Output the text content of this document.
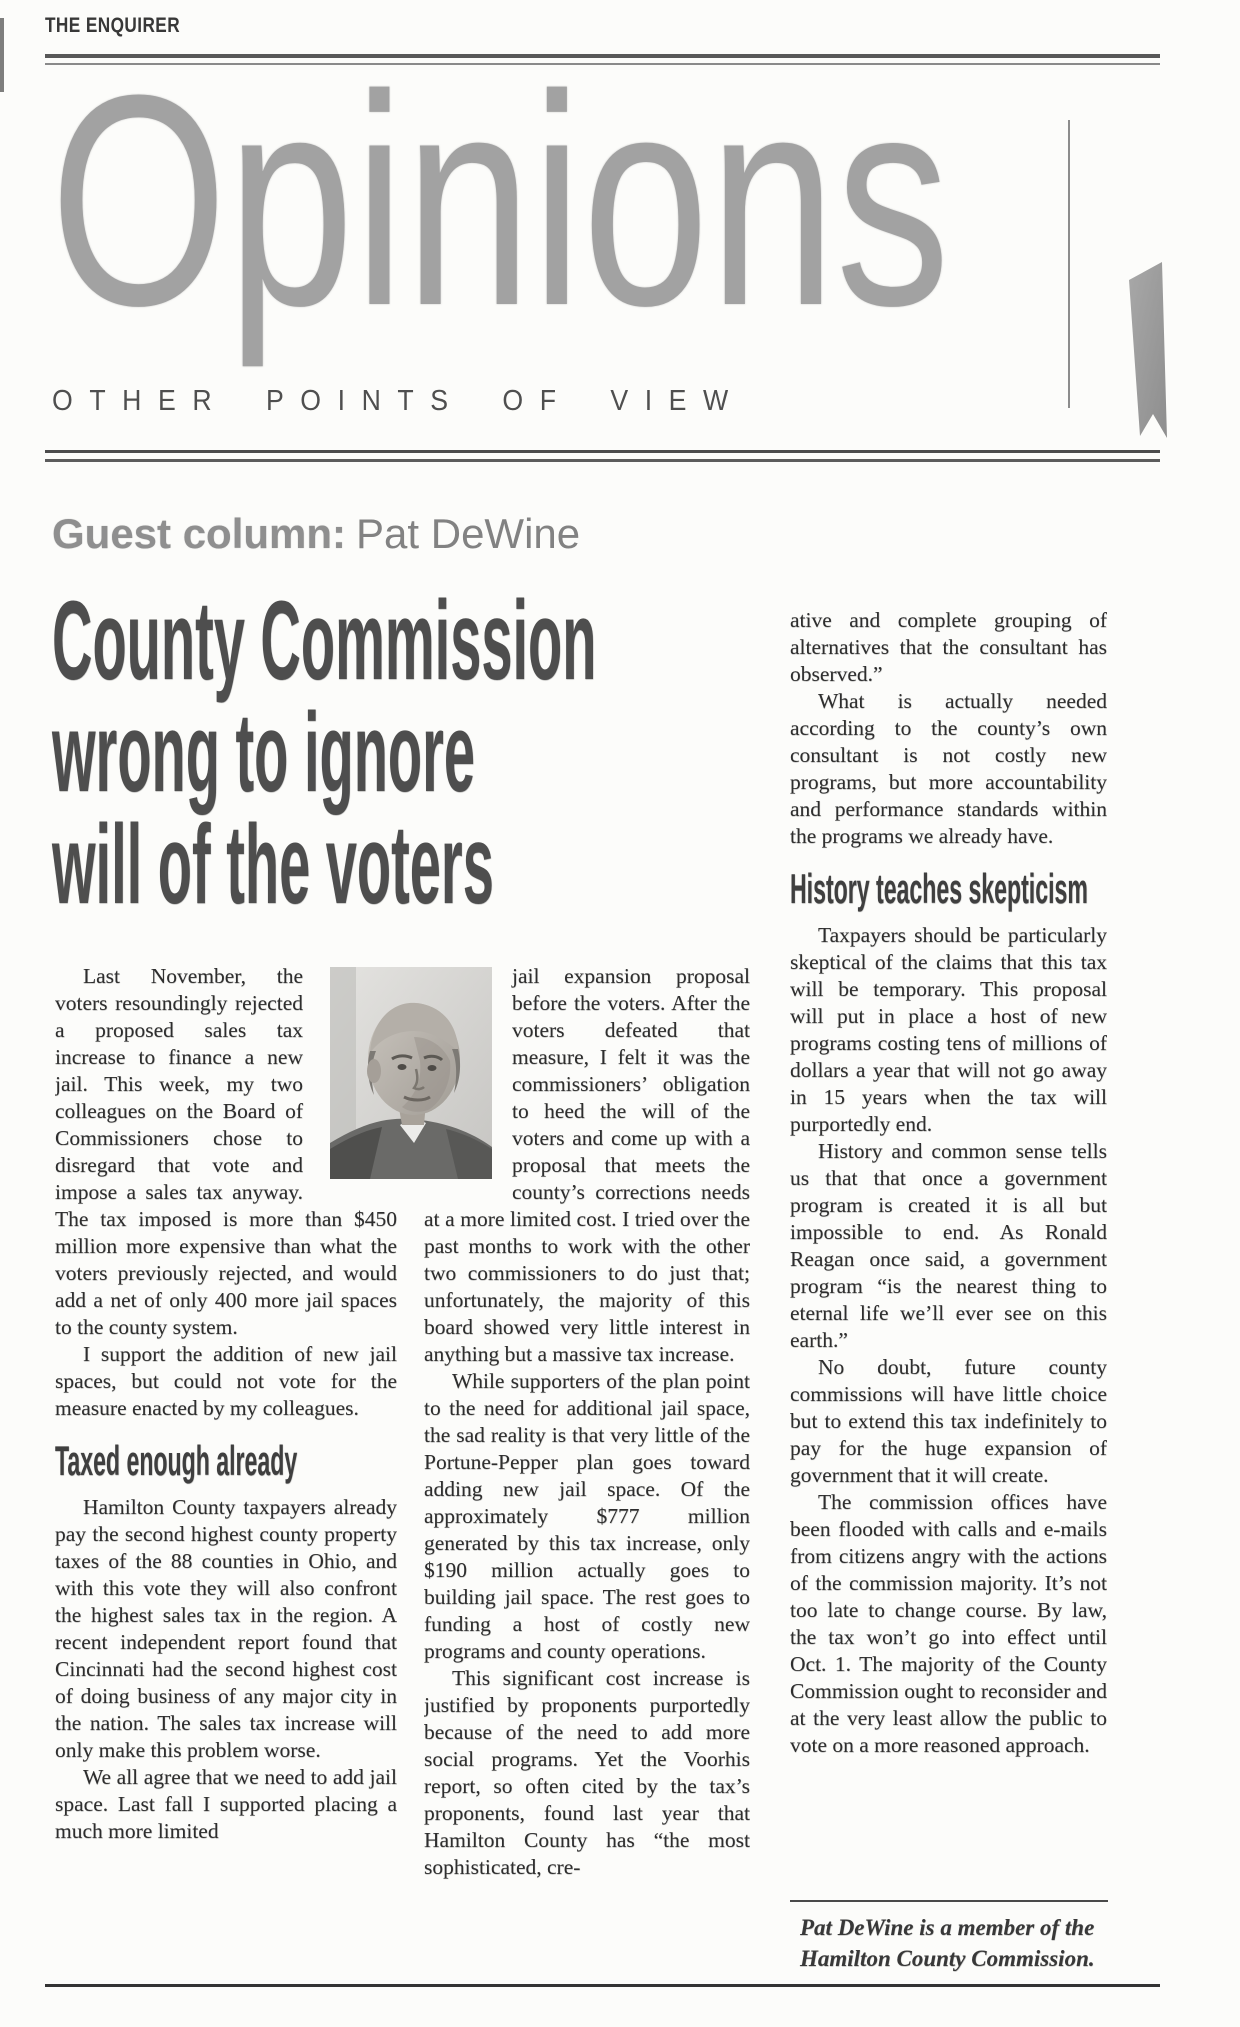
THE ENQUIRER
Opinions
OTHER POINTS OF VIEW
Guest column: Pat DeWine
County Commission
wrong to ignore
will of the voters

Last November, the voters resoundingly rejected a proposed sales tax increase to finance a new jail. This week, my two colleagues on the Board of Commissioners chose to disregard that vote and impose a sales tax anyway. The tax imposed is more than $450 million more expensive than what the voters previously rejected, and would add a net of only 400 more jail spaces to the county system.

I support the addition of new jail spaces, but could not vote for the measure enacted by my colleagues.

Taxed enough already

Hamilton County taxpayers already pay the second highest county property taxes of the 88 counties in Ohio, and with this vote they will also confront the highest sales tax in the region. A recent independent report found that Cincinnati had the second highest cost of doing business of any major city in the nation. The sales tax increase will only make this problem worse.

We all agree that we need to add jail space. Last fall I supported placing a much more limited

jail expansion proposal before the voters. After the voters defeated that measure, I felt it was the commissioners’ obligation to heed the will of the voters and come up with a proposal that meets the county’s corrections needs at a more limited cost. I tried over the past months to work with the other two commissioners to do just that; unfortunately, the majority of this board showed very little interest in anything but a massive tax increase.

While supporters of the plan point to the need for additional jail space, the sad reality is that very little of the Portune-Pepper plan goes toward adding new jail space. Of the approximately $777 million generated by this tax increase, only $190 million actually goes to building jail space. The rest goes to funding a host of costly new programs and county operations.

This significant cost increase is justified by proponents purportedly because of the need to add more social programs. Yet the Voorhis report, so often cited by the tax’s proponents, found last year that Hamilton County has “the most sophisticated, cre-

ative and complete grouping of alternatives that the consultant has observed.”

What is actually needed according to the county’s own consultant is not costly new programs, but more accountability and performance standards within the programs we already have.

History teaches skepticism

Taxpayers should be particularly skeptical of the claims that this tax will be temporary. This proposal will put in place a host of new programs costing tens of millions of dollars a year that will not go away in 15 years when the tax will purportedly end.

History and common sense tells us that that once a government program is created it is all but impossible to end. As Ronald Reagan once said, a government program “is the nearest thing to eternal life we’ll ever see on this earth.”

No doubt, future county commissions will have little choice but to extend this tax indefinitely to pay for the huge expansion of government that it will create.

The commission offices have been flooded with calls and e-mails from citizens angry with the actions of the commission majority. It’s not too late to change course. By law, the tax won’t go into effect until Oct. 1. The majority of the County Commission ought to reconsider and at the very least allow the public to vote on a more reasoned approach.

Pat DeWine is a member of the
Hamilton County Commission.
